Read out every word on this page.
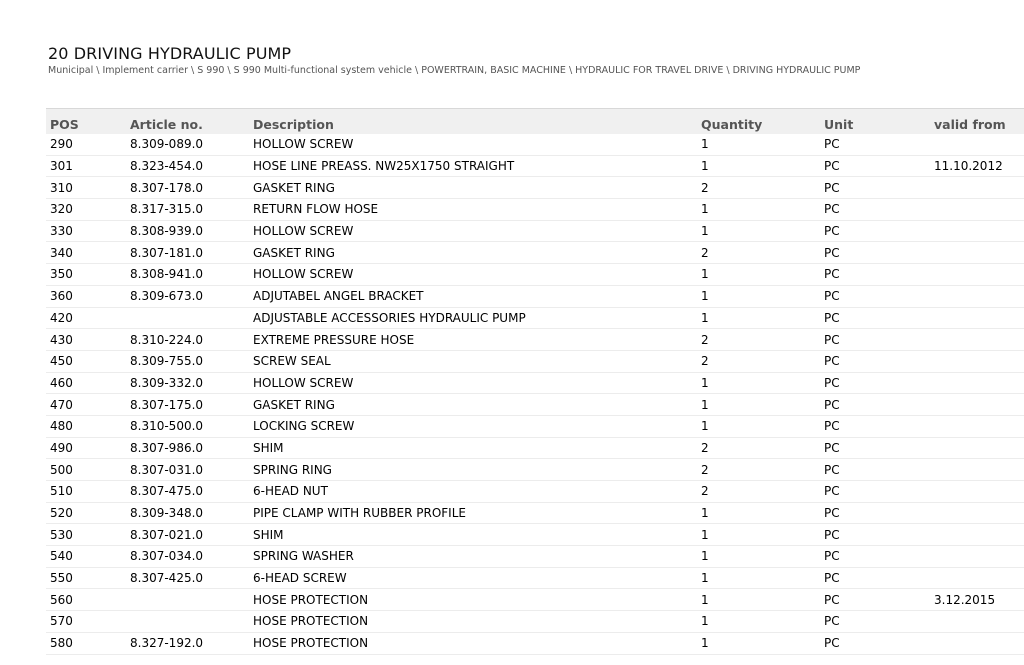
20 DRIVING HYDRAULIC PUMP
Municipal \ Implement carrier \ S 990 \ S 990 Multi-functional system vehicle \ POWERTRAIN, BASIC MACHINE \ HYDRAULIC FOR TRAVEL DRIVE \ DRIVING HYDRAULIC PUMP
POS	Article no.	Description	Quantity	Unit	valid from
290	8.309-089.0	HOLLOW SCREW	1	PC	
301	8.323-454.0	HOSE LINE PREASS. NW25X1750 STRAIGHT	1	PC	11.10.2012
310	8.307-178.0	GASKET RING	2	PC	
320	8.317-315.0	RETURN FLOW HOSE	1	PC	
330	8.308-939.0	HOLLOW SCREW	1	PC	
340	8.307-181.0	GASKET RING	2	PC	
350	8.308-941.0	HOLLOW SCREW	1	PC	
360	8.309-673.0	ADJUTABEL ANGEL BRACKET	1	PC	
420		ADJUSTABLE ACCESSORIES HYDRAULIC PUMP	1	PC	
430	8.310-224.0	EXTREME PRESSURE HOSE	2	PC	
450	8.309-755.0	SCREW SEAL	2	PC	
460	8.309-332.0	HOLLOW SCREW	1	PC	
470	8.307-175.0	GASKET RING	1	PC	
480	8.310-500.0	LOCKING SCREW	1	PC	
490	8.307-986.0	SHIM	2	PC	
500	8.307-031.0	SPRING RING	2	PC	
510	8.307-475.0	6-HEAD NUT	2	PC	
520	8.309-348.0	PIPE CLAMP WITH RUBBER PROFILE	1	PC	
530	8.307-021.0	SHIM	1	PC	
540	8.307-034.0	SPRING WASHER	1	PC	
550	8.307-425.0	6-HEAD SCREW	1	PC	
560		HOSE PROTECTION	1	PC	3.12.2015
570		HOSE PROTECTION	1	PC	
580	8.327-192.0	HOSE PROTECTION	1	PC	
